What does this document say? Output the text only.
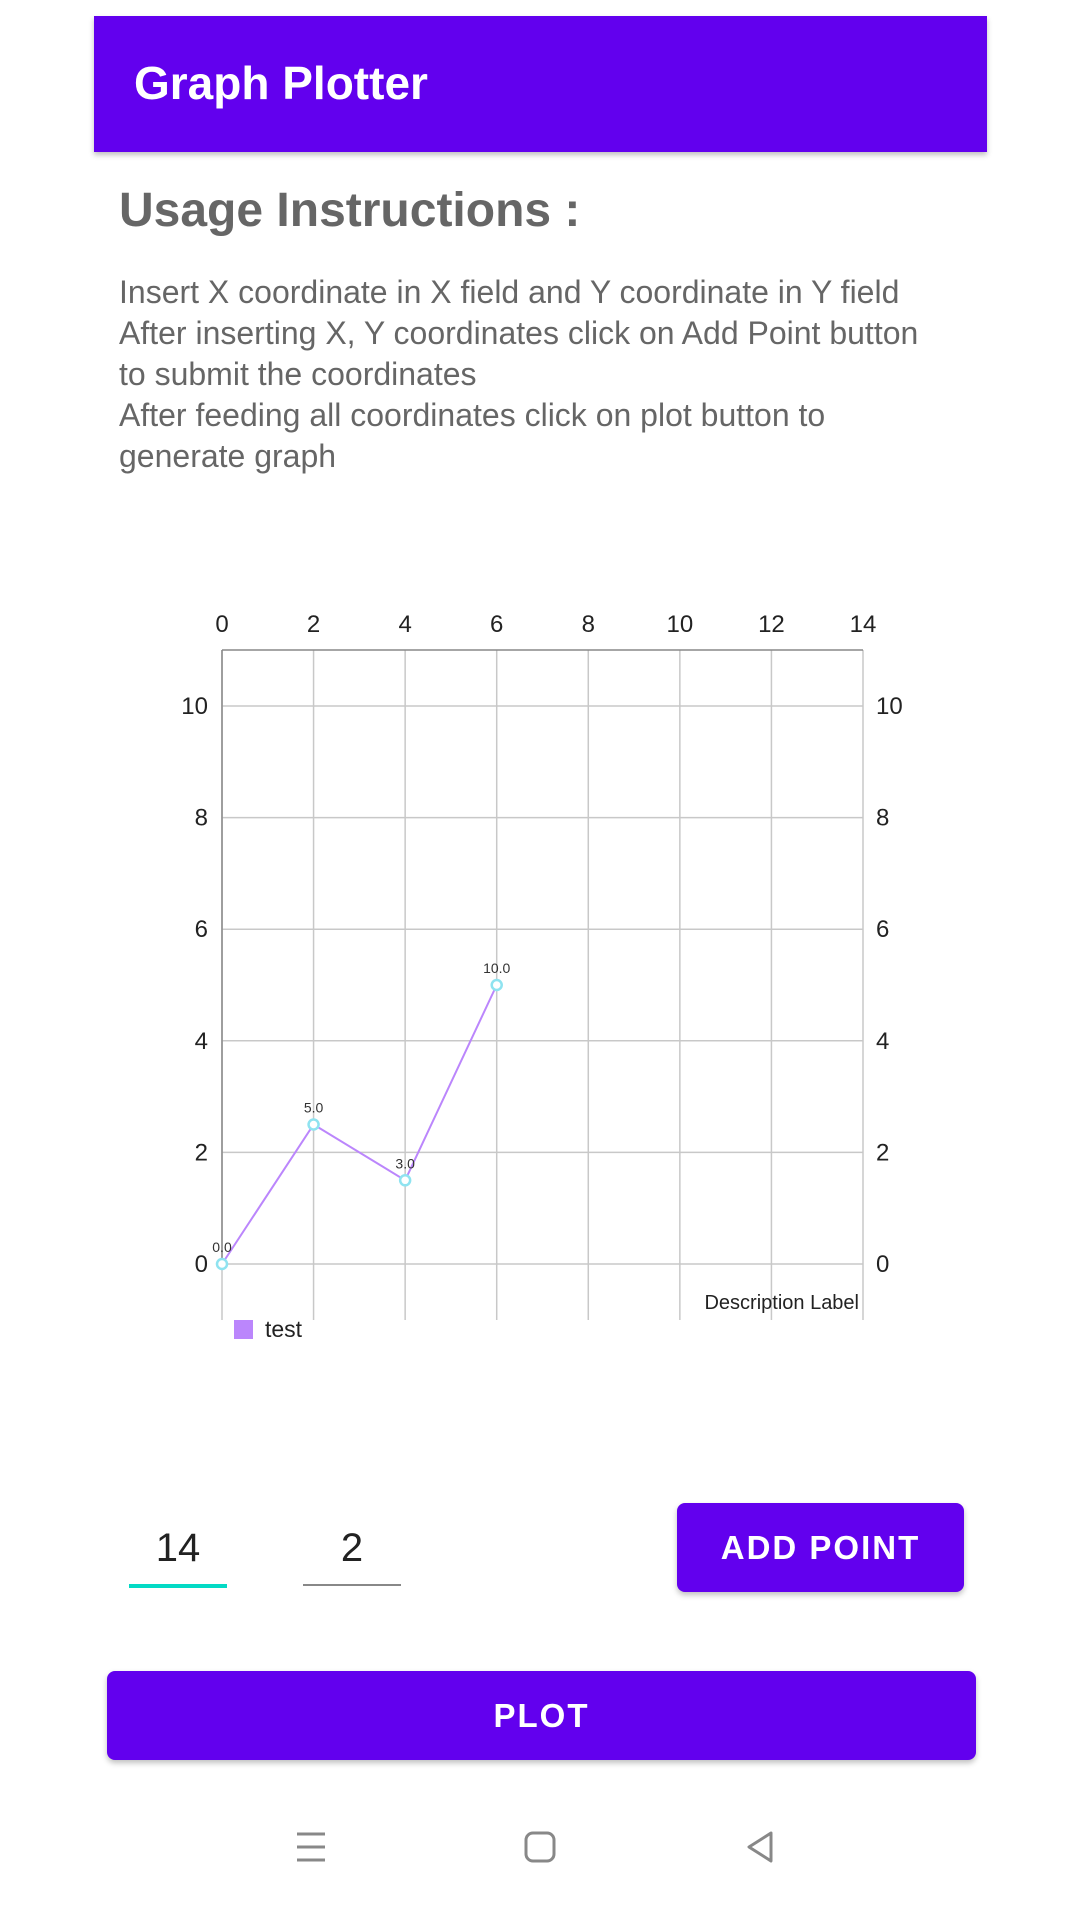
Graph Plotter
Usage Instructions :
Insert X coordinate in X field and Y coordinate in Y field
After inserting X, Y coordinates click on Add Point button
to submit the coordinates
After feeding all coordinates click on plot button to
generate graph
0	2	4	6	8	10	12	14
0	0
2	2
4	4
6	6
8	8
10	10
0.0
5.0
3.0
10.0
Description Label
test
14
2
ADD POINT
PLOT
